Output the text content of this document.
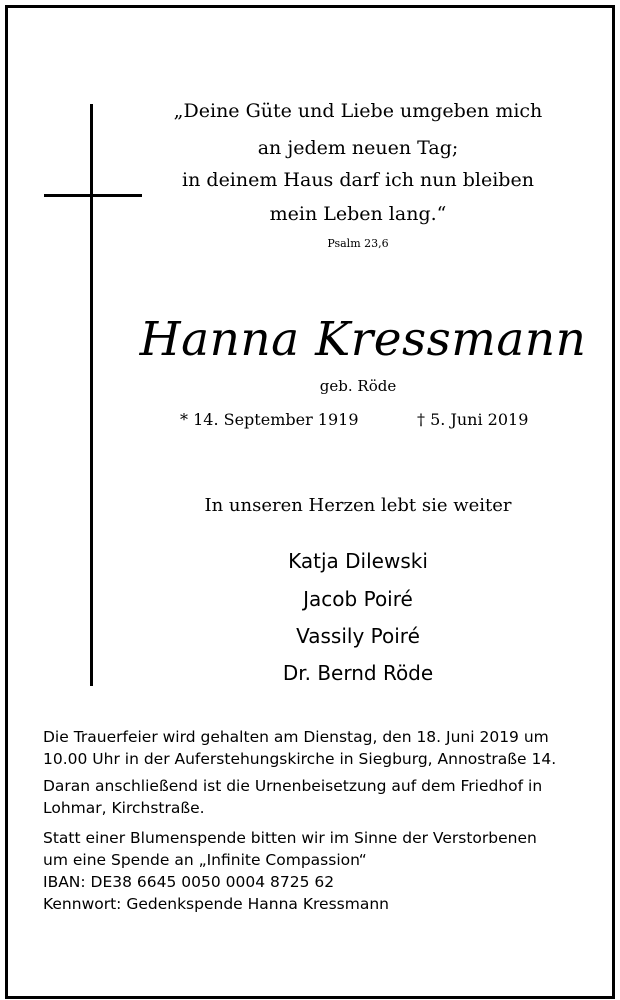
„Deine Güte und Liebe umgeben mich
an jedem neuen Tag;
in deinem Haus darf ich nun bleiben
mein Leben lang.“
Psalm 23,6
Hanna Kressmann
geb. Röde
* 14. September 1919	† 5. Juni 2019
In unseren Herzen lebt sie weiter
Katja Dilewski
Jacob Poiré
Vassily Poiré
Dr. Bernd Röde
Die Trauerfeier wird gehalten am Dienstag, den 18. Juni 2019 um
10.00 Uhr in der Auferstehungskirche in Siegburg, Annostraße 14.
Daran anschließend ist die Urnenbeisetzung auf dem Friedhof in
Lohmar, Kirchstraße.
Statt einer Blumenspende bitten wir im Sinne der Verstorbenen
um eine Spende an „Infinite Compassion“
IBAN: DE38 6645 0050 0004 8725 62
Kennwort: Gedenkspende Hanna Kressmann
